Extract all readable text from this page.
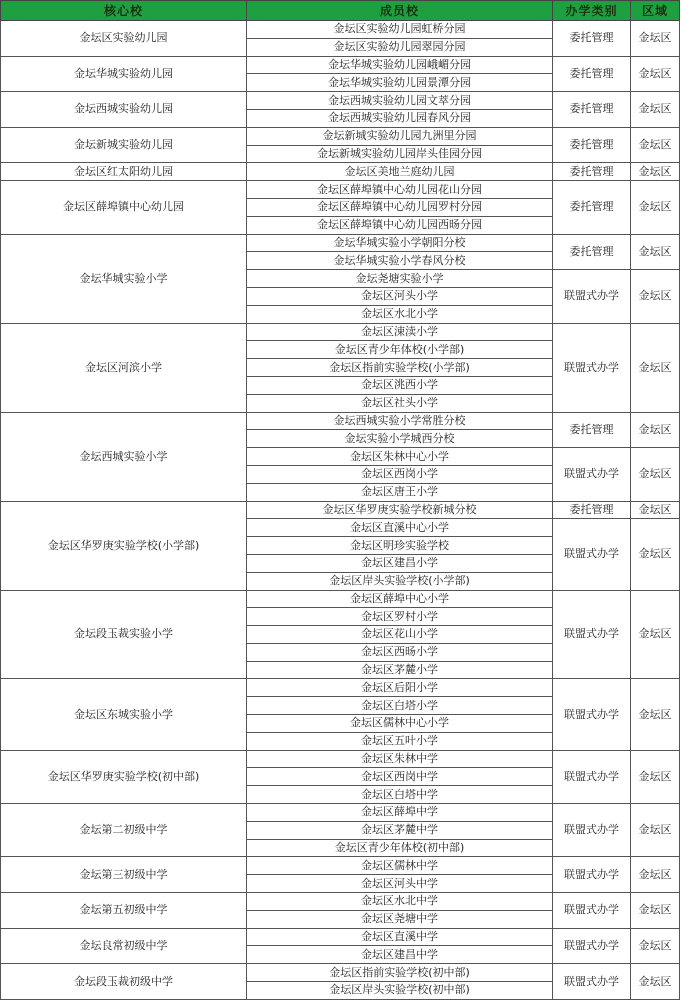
核心校	成员校	办学类别	区域
金坛区实验幼儿园	金坛区实验幼儿园虹桥分园	委托管理	金坛区
	金坛区实验幼儿园翠园分园		
金坛华城实验幼儿园	金坛华城实验幼儿园峨嵋分园	委托管理	金坛区
	金坛华城实验幼儿园景潭分园		
金坛西城实验幼儿园	金坛西城实验幼儿园文萃分园	委托管理	金坛区
	金坛西城实验幼儿园春风分园		
金坛新城实验幼儿园	金坛新城实验幼儿园九洲里分园	委托管理	金坛区
	金坛新城实验幼儿园岸头佳园分园		
金坛区红太阳幼儿园	金坛区美地兰庭幼儿园	委托管理	金坛区
金坛区薛埠镇中心幼儿园	金坛区薛埠镇中心幼儿园花山分园	委托管理	金坛区
	金坛区薛埠镇中心幼儿园罗村分园		
	金坛区薛埠镇中心幼儿园西旸分园		
金坛华城实验小学	金坛华城实验小学朝阳分校	委托管理	金坛区
	金坛华城实验小学春风分校		
	金坛尧塘实验小学	联盟式办学	金坛区
	金坛区河头小学		
	金坛区水北小学		
金坛区河滨小学	金坛区涑渎小学	联盟式办学	金坛区
	金坛区青少年体校(小学部)		
	金坛区指前实验学校(小学部)		
	金坛区洮西小学		
	金坛区社头小学		
金坛西城实验小学	金坛西城实验小学常胜分校	委托管理	金坛区
	金坛实验小学城西分校		
	金坛区朱林中心小学	联盟式办学	金坛区
	金坛区西岗小学		
	金坛区唐王小学		
金坛区华罗庚实验学校(小学部)	金坛区华罗庚实验学校新城分校	委托管理	金坛区
	金坛区直溪中心小学	联盟式办学	金坛区
	金坛区明珍实验学校		
	金坛区建昌小学		
	金坛区岸头实验学校(小学部)		
金坛段玉裁实验小学	金坛区薛埠中心小学	联盟式办学	金坛区
	金坛区罗村小学		
	金坛区花山小学		
	金坛区西旸小学		
	金坛区茅麓小学		
金坛区东城实验小学	金坛区后阳小学	联盟式办学	金坛区
	金坛区白塔小学		
	金坛区儒林中心小学		
	金坛区五叶小学		
金坛区华罗庚实验学校(初中部)	金坛区朱林中学	联盟式办学	金坛区
	金坛区西岗中学		
	金坛区白塔中学		
金坛第二初级中学	金坛区薛埠中学	联盟式办学	金坛区
	金坛区茅麓中学		
	金坛区青少年体校(初中部)		
金坛第三初级中学	金坛区儒林中学	联盟式办学	金坛区
	金坛区河头中学		
金坛第五初级中学	金坛区水北中学	联盟式办学	金坛区
	金坛区尧塘中学		
金坛良常初级中学	金坛区直溪中学	联盟式办学	金坛区
	金坛区建昌中学		
金坛段玉裁初级中学	金坛区指前实验学校(初中部)	联盟式办学	金坛区
	金坛区岸头实验学校(初中部)		
